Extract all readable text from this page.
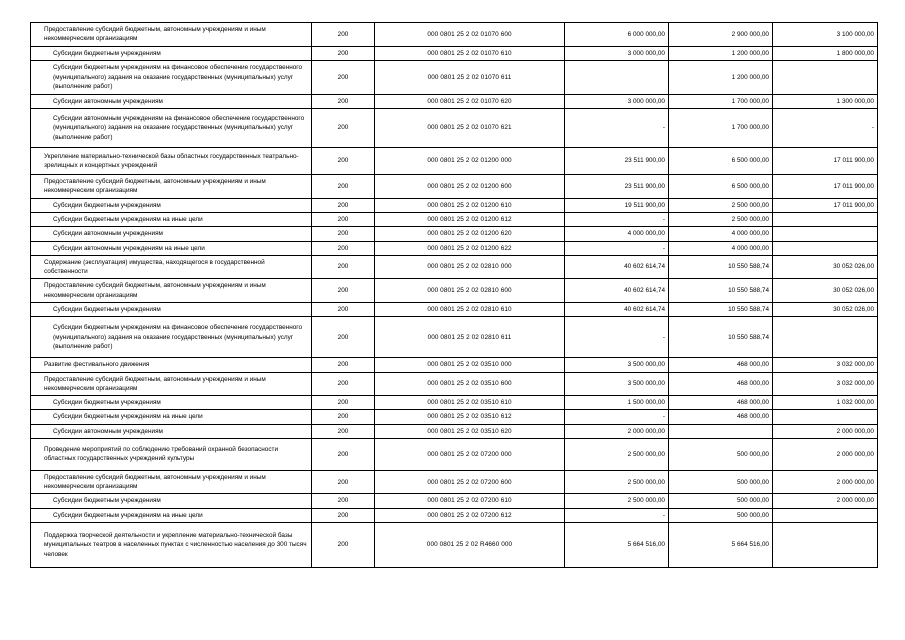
Предоставление субсидий бюджетным, автономным учреждениям и иным некоммерческим организациям	200	000 0801 25 2 02 01070 600	6 000 000,00	2 900 000,00	3 100 000,00
Субсидии бюджетным учреждениям	200	000 0801 25 2 02 01070 610	3 000 000,00	1 200 000,00	1 800 000,00
Субсидии бюджетным учреждениям на финансовое обеспечение государственного (муниципального) задания на оказание государственных (муниципальных) услуг (выполнение работ)	200	000 0801 25 2 02 01070 611		1 200 000,00	
Субсидии автономным учреждениям	200	000 0801 25 2 02 01070 620	3 000 000,00	1 700 000,00	1 300 000,00
Субсидии автономным учреждениям на финансовое обеспечение государственного (муниципального) задания на оказание государственных (муниципальных) услуг (выполнение работ)	200	000 0801 25 2 02 01070 621	-	1 700 000,00	-
Укрепление материально-технической базы областных государственных театрально-зрелищных и концертных учреждений	200	000 0801 25 2 02 01200 000	23 511 900,00	6 500 000,00	17 011 900,00
Предоставление субсидий бюджетным, автономным учреждениям и иным некоммерческим организациям	200	000 0801 25 2 02 01200 600	23 511 900,00	6 500 000,00	17 011 900,00
Субсидии бюджетным учреждениям	200	000 0801 25 2 02 01200 610	19 511 900,00	2 500 000,00	17 011 900,00
Субсидии бюджетным учреждениям на иные цели	200	000 0801 25 2 02 01200 612	-	2 500 000,00	
Субсидии автономным учреждениям	200	000 0801 25 2 02 01200 620	4 000 000,00	4 000 000,00	
Субсидии автономным учреждениям на иные цели	200	000 0801 25 2 02 01200 622	-	4 000 000,00	
Содержание (эксплуатация) имущества, находящегося в государственной собственности	200	000 0801 25 2 02 02810 000	40 602 614,74	10 550 588,74	30 052 026,00
Предоставление субсидий бюджетным, автономным учреждениям и иным некоммерческим организациям	200	000 0801 25 2 02 02810 600	40 602 614,74	10 550 588,74	30 052 026,00
Субсидии бюджетным учреждениям	200	000 0801 25 2 02 02810 610	40 602 614,74	10 550 588,74	30 052 026,00
Субсидии бюджетным учреждениям на финансовое обеспечение государственного (муниципального) задания на оказание государственных (муниципальных) услуг (выполнение работ)	200	000 0801 25 2 02 02810 611	-	10 550 588,74	
Развитие фестивального движения	200	000 0801 25 2 02 03510 000	3 500 000,00	468 000,00	3 032 000,00
Предоставление субсидий бюджетным, автономным учреждениям и иным некоммерческим организациям	200	000 0801 25 2 02 03510 600	3 500 000,00	468 000,00	3 032 000,00
Субсидии бюджетным учреждениям	200	000 0801 25 2 02 03510 610	1 500 000,00	468 000,00	1 032 000,00
Субсидии бюджетным учреждениям на иные цели	200	000 0801 25 2 02 03510 612	-	468 000,00	
Субсидии автономным учреждениям	200	000 0801 25 2 02 03510 620	2 000 000,00		2 000 000,00
Проведение мероприятий по соблюдению требований охранной безопасности областных государственных учреждений культуры	200	000 0801 25 2 02 07200 000	2 500 000,00	500 000,00	2 000 000,00
Предоставление субсидий бюджетным, автономным учреждениям и иным некоммерческим организациям	200	000 0801 25 2 02 07200 600	2 500 000,00	500 000,00	2 000 000,00
Субсидии бюджетным учреждениям	200	000 0801 25 2 02 07200 610	2 500 000,00	500 000,00	2 000 000,00
Субсидии бюджетным учреждениям на иные цели	200	000 0801 25 2 02 07200 612	-	500 000,00	
Поддержка творческой деятельности и укрепление материально-технической базы муниципальных театров в населенных пунктах с численностью населения до 300 тысяч человек	200	000 0801 25 2 02 R4660 000	5 664 516,00	5 664 516,00	
